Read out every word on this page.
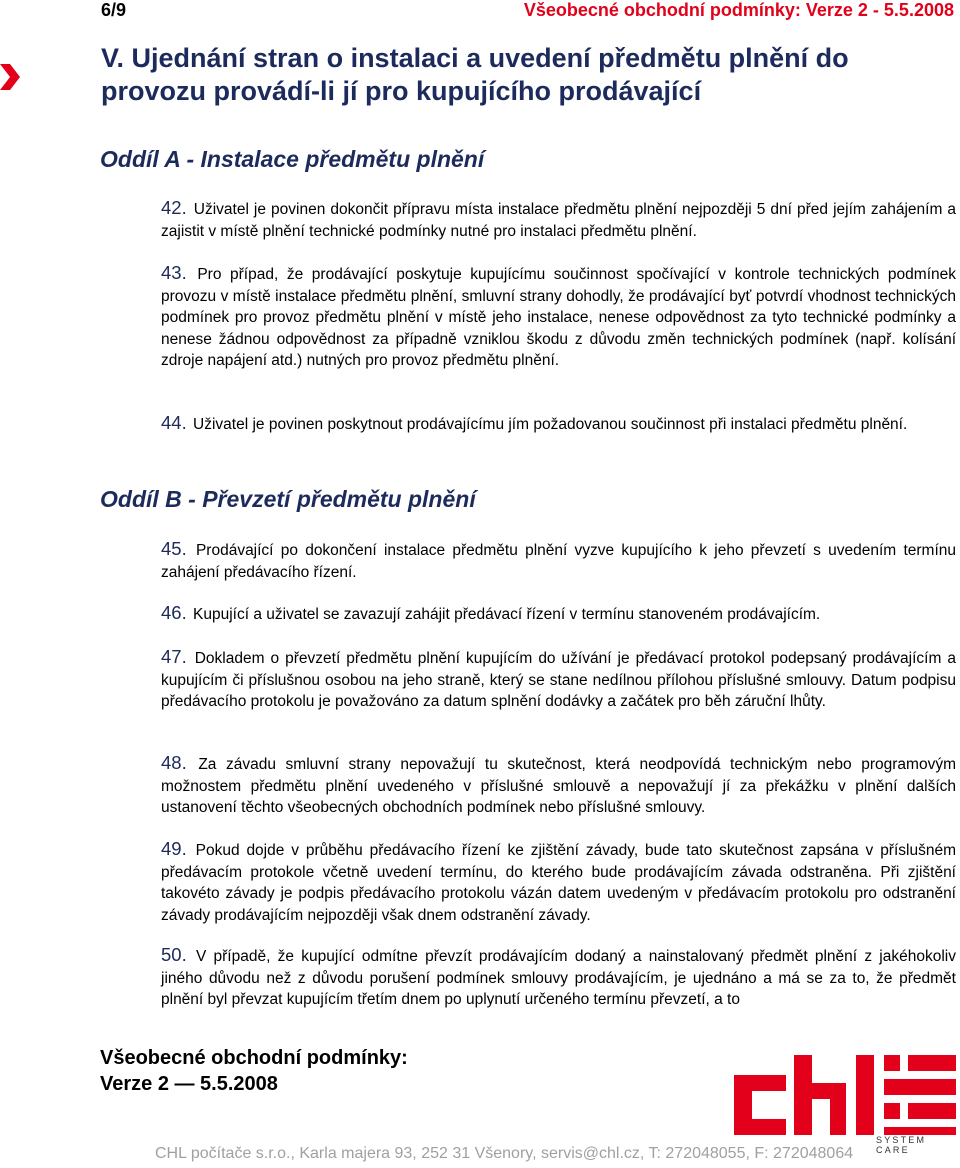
6/9	Všeobecné obchodní podmínky: Verze 2 - 5.5.2008
V. Ujednání stran o instalaci a uvedení předmětu plnění do
provozu provádí-li jí pro kupujícího prodávající
Oddíl A - Instalace předmětu plnění
42. Uživatel je povinen dokončit přípravu místa instalace předmětu plnění nejpozději 5 dní před jejím zahájením a zajistit v místě plnění technické podmínky nutné pro instalaci předmětu plnění.
43. Pro případ, že prodávající poskytuje kupujícímu součinnost spočívající v kontrole technických podmínek provozu v místě instalace předmětu plnění, smluvní strany dohodly, že prodávající byť potvrdí vhodnost technických podmínek pro provoz předmětu plnění v místě jeho instalace, nenese odpovědnost za tyto technické podmínky a nenese žádnou odpovědnost za případně vzniklou škodu z důvodu změn technických podmínek (např. kolísání zdroje napájení atd.) nutných pro provoz předmětu plnění.
44. Uživatel je povinen poskytnout prodávajícímu jím požadovanou součinnost při instalaci předmětu plnění.
Oddíl B - Převzetí předmětu plnění
45. Prodávající po dokončení instalace předmětu plnění vyzve kupujícího k jeho převzetí s uvedením termínu zahájení předávacího řízení.
46. Kupující a uživatel se zavazují zahájit předávací řízení v termínu stanoveném prodávajícím.
47. Dokladem o převzetí předmětu plnění kupujícím do užívání je předávací protokol podepsaný prodávajícím a kupujícím či příslušnou osobou na jeho straně, který se stane nedílnou přílohou příslušné smlouvy. Datum podpisu předávacího protokolu je považováno za datum splnění dodávky a začátek pro běh záruční lhůty.
48. Za závadu smluvní strany nepovažují tu skutečnost, která neodpovídá technickým nebo programovým možnostem předmětu plnění uvedeného v příslušné smlouvě a nepovažují jí za překážku v plnění dalších ustanovení těchto všeobecných obchodních podmínek nebo příslušné smlouvy.
49. Pokud dojde v průběhu předávacího řízení ke zjištění závady, bude tato skutečnost zapsána v příslušném předávacím protokole včetně uvedení termínu, do kterého bude prodávajícím závada odstraněna. Při zjištění takovéto závady je podpis předávacího protokolu vázán datem uvedeným v předávacím protokolu pro odstranění závady prodávajícím nejpozději však dnem odstranění závady.
50. V případě, že kupující odmítne převzít prodávajícím dodaný a nainstalovaný předmět plnění z jakéhokoliv jiného důvodu než z důvodu porušení podmínek smlouvy prodávajícím, je ujednáno a má se za to, že předmět plnění byl převzat kupujícím třetím dnem po uplynutí určeného termínu převzetí, a to
Všeobecné obchodní podmínky:
Verze 2 — 5.5.2008
SYSTEM CARE
CHL počítače s.r.o., Karla majera 93, 252 31 Všenory, servis@chl.cz, T: 272048055, F: 272048064
